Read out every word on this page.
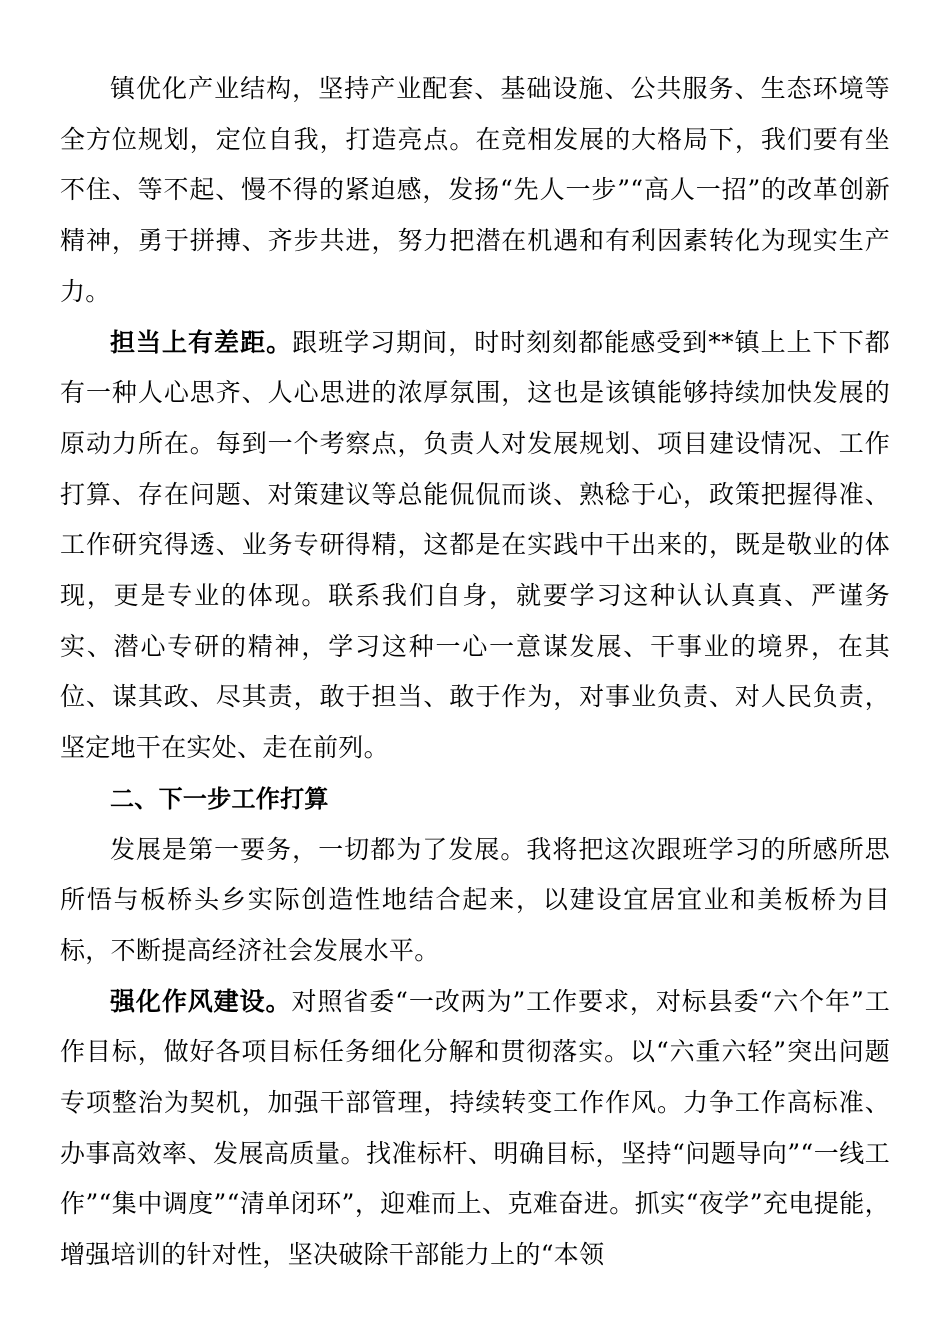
镇优化产业结构，坚持产业配套、基础设施、公共服务、生态环境等全方位规划，定位自我，打造亮点。在竞相发展的大格局下，我们要有坐不住、等不起、慢不得的紧迫感，发扬“先人一步”“高人一招”的改革创新精神，勇于拼搏、齐步共进，努力把潜在机遇和有利因素转化为现实生产力。

担当上有差距。跟班学习期间，时时刻刻都能感受到**镇上上下下都有一种人心思齐、人心思进的浓厚氛围，这也是该镇能够持续加快发展的原动力所在。每到一个考察点，负责人对发展规划、项目建设情况、工作打算、存在问题、对策建议等总能侃侃而谈、熟稔于心，政策把握得准、工作研究得透、业务专研得精，这都是在实践中干出来的，既是敬业的体现，更是专业的体现。联系我们自身，就要学习这种认认真真、严谨务实、潜心专研的精神，学习这种一心一意谋发展、干事业的境界，在其位、谋其政、尽其责，敢于担当、敢于作为，对事业负责、对人民负责，坚定地干在实处、走在前列。

二、下一步工作打算

发展是第一要务，一切都为了发展。我将把这次跟班学习的所感所思所悟与板桥头乡实际创造性地结合起来，以建设宜居宜业和美板桥为目标，不断提高经济社会发展水平。

强化作风建设。对照省委“一改两为”工作要求，对标县委“六个年”工作目标，做好各项目标任务细化分解和贯彻落实。以“六重六轻”突出问题专项整治为契机，加强干部管理，持续转变工作作风。力争工作高标准、办事高效率、发展高质量。找准标杆、明确目标，坚持“问题导向”“一线工作”“集中调度”“清单闭环”，迎难而上、克难奋进。抓实“夜学”充电提能，增强培训的针对性，坚决破除干部能力上的“本领
